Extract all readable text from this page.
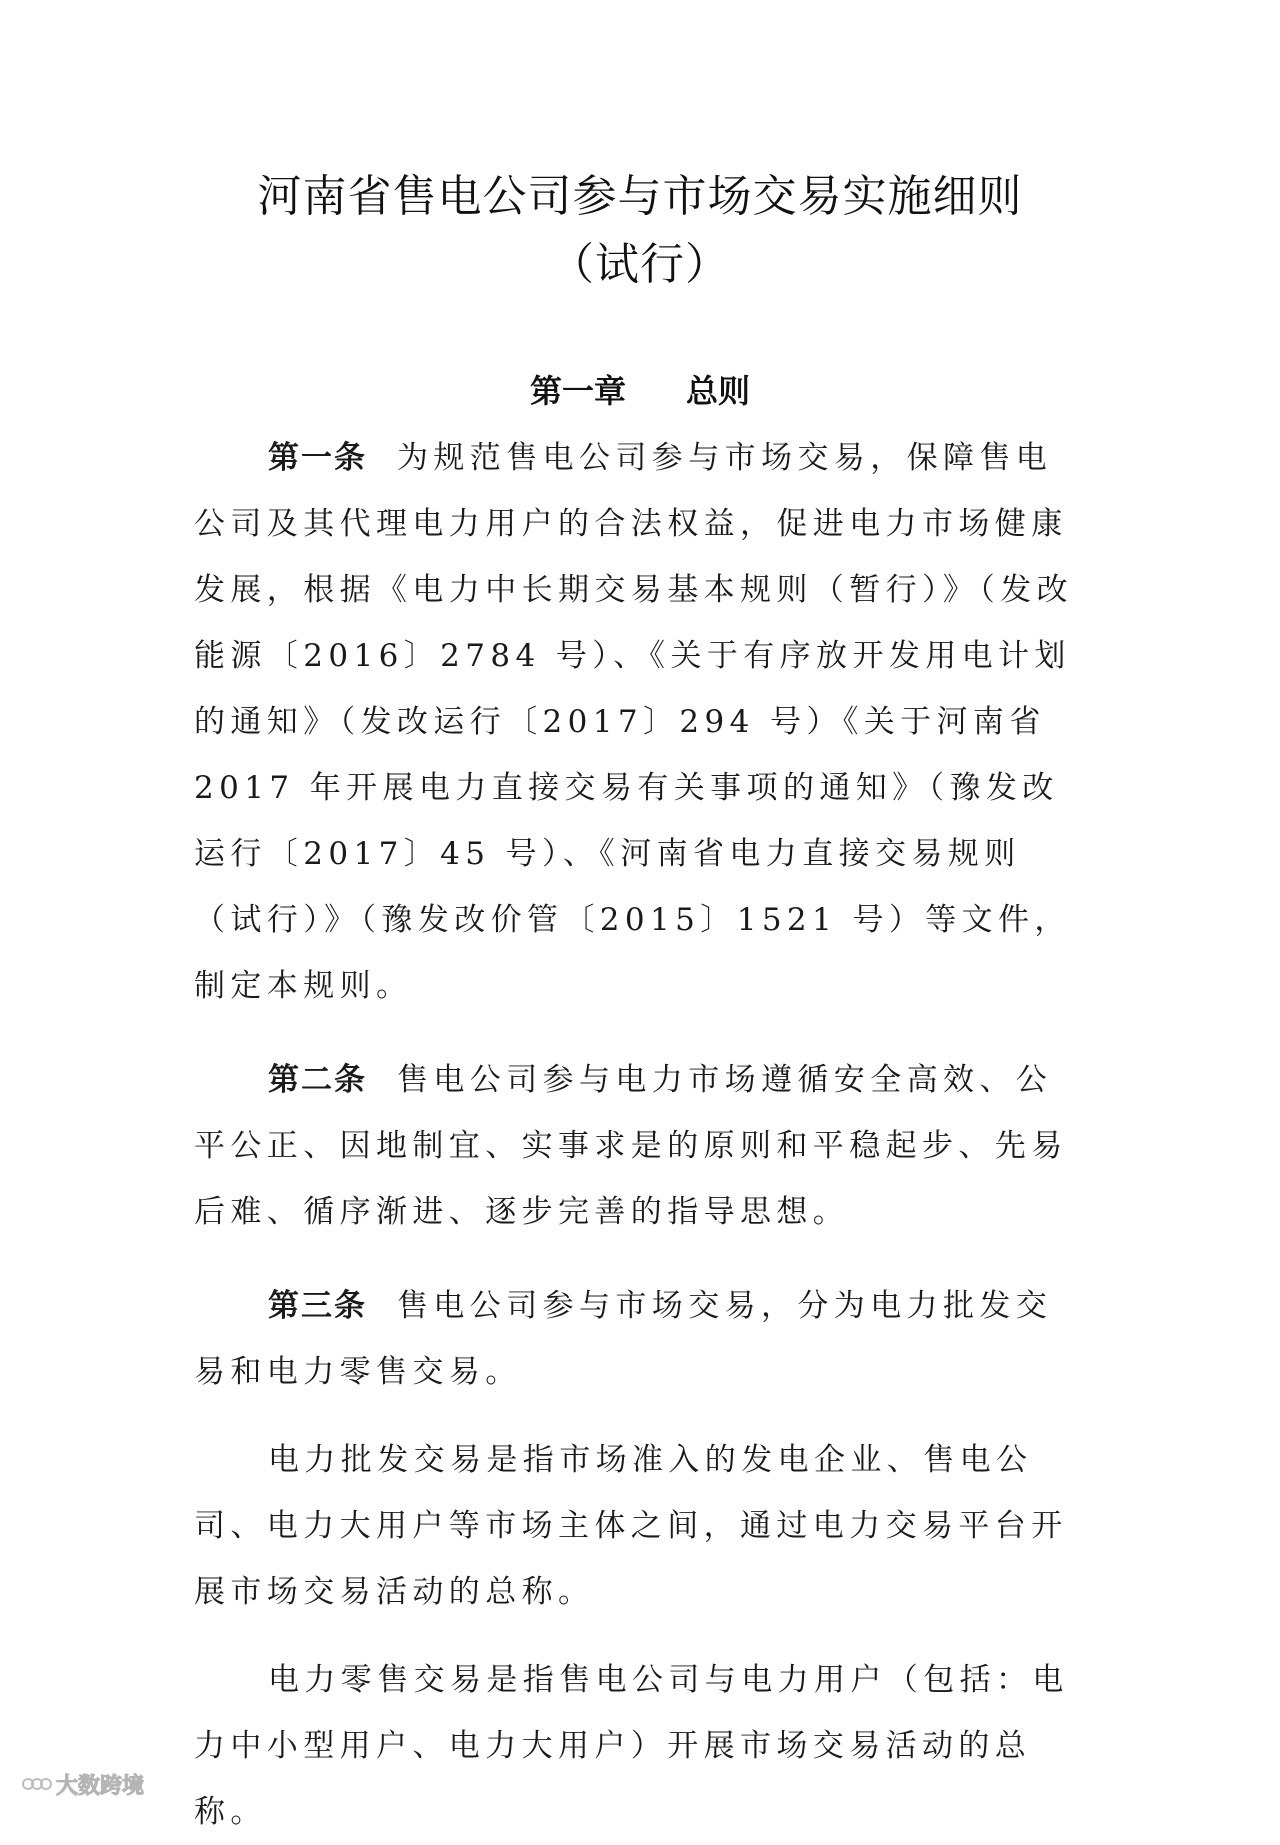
河南省售电公司参与市场交易实施细则
（试行）
第一章 总则

第一条 为规范售电公司参与市场交易，保障售电公司及其代理电力用户的合法权益，促进电力市场健康发展，根据《电力中长期交易基本规则（暂行）》（发改能源〔2016〕2784 号）、《关于有序放开发用电计划的通知》（发改运行〔2017〕294 号）《关于河南省 2017 年开展电力直接交易有关事项的通知》（豫发改运行〔2017〕45 号）、《河南省电力直接交易规则（试行）》（豫发改价管〔2015〕1521 号）等文件，制定本规则。

第二条 售电公司参与电力市场遵循安全高效、公平公正、因地制宜、实事求是的原则和平稳起步、先易后难、循序渐进、逐步完善的指导思想。

第三条 售电公司参与市场交易，分为电力批发交易和电力零售交易。

电力批发交易是指市场准入的发电企业、售电公司、电力大用户等市场主体之间，通过电力交易平台开展市场交易活动的总称。

电力零售交易是指售电公司与电力用户（包括：电力中小型用户、电力大用户）开展市场交易活动的总称。

大数跨境
